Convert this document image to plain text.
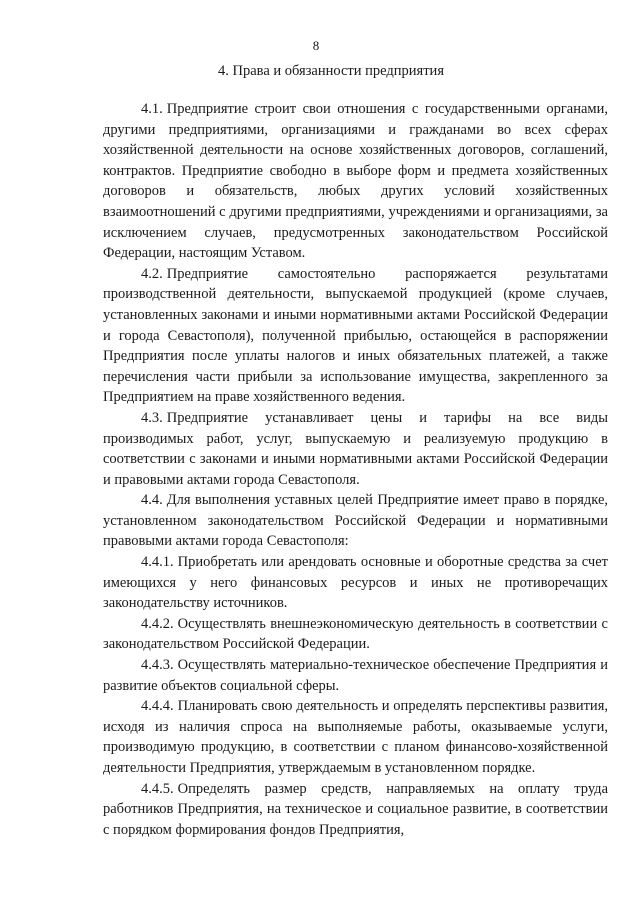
8
4. Права и обязанности предприятия

4.1. Предприятие строит свои отношения с государственными органами, другими предприятиями, организациями и гражданами во всех сферах хозяйственной деятельности на основе хозяйственных договоров, соглашений, контрактов. Предприятие свободно в выборе форм и предмета хозяйственных договоров и обязательств, любых других условий хозяйственных взаимоотношений с другими предприятиями, учреждениями и организациями, за исключением случаев, предусмотренных законодательством Российской Федерации, настоящим Уставом.

4.2. Предприятие самостоятельно распоряжается результатами производственной деятельности, выпускаемой продукцией (кроме случаев, установленных законами и иными нормативными актами Российской Федерации и города Севастополя), полученной прибылью, остающейся в распоряжении Предприятия после уплаты налогов и иных обязательных платежей, а также перечисления части прибыли за использование имущества, закрепленного за Предприятием на праве хозяйственного ведения.

4.3. Предприятие устанавливает цены и тарифы на все виды производимых работ, услуг, выпускаемую и реализуемую продукцию в соответствии с законами и иными нормативными актами Российской Федерации и правовыми актами города Севастополя.

4.4. Для выполнения уставных целей Предприятие имеет право в порядке, установленном законодательством Российской Федерации и нормативными правовыми актами города Севастополя:

4.4.1. Приобретать или арендовать основные и оборотные средства за счет имеющихся у него финансовых ресурсов и иных не противоречащих законодательству источников.

4.4.2. Осуществлять внешнеэкономическую деятельность в соответствии с законодательством Российской Федерации.

4.4.3. Осуществлять материально-техническое обеспечение Предприятия и развитие объектов социальной сферы.

4.4.4. Планировать свою деятельность и определять перспективы развития, исходя из наличия спроса на выполняемые работы, оказываемые услуги, производимую продукцию, в соответствии с планом финансово-хозяйственной деятельности Предприятия, утверждаемым в установленном порядке.

4.4.5. Определять размер средств, направляемых на оплату труда работников Предприятия, на техническое и социальное развитие, в соответствии с порядком формирования фондов Предприятия,
